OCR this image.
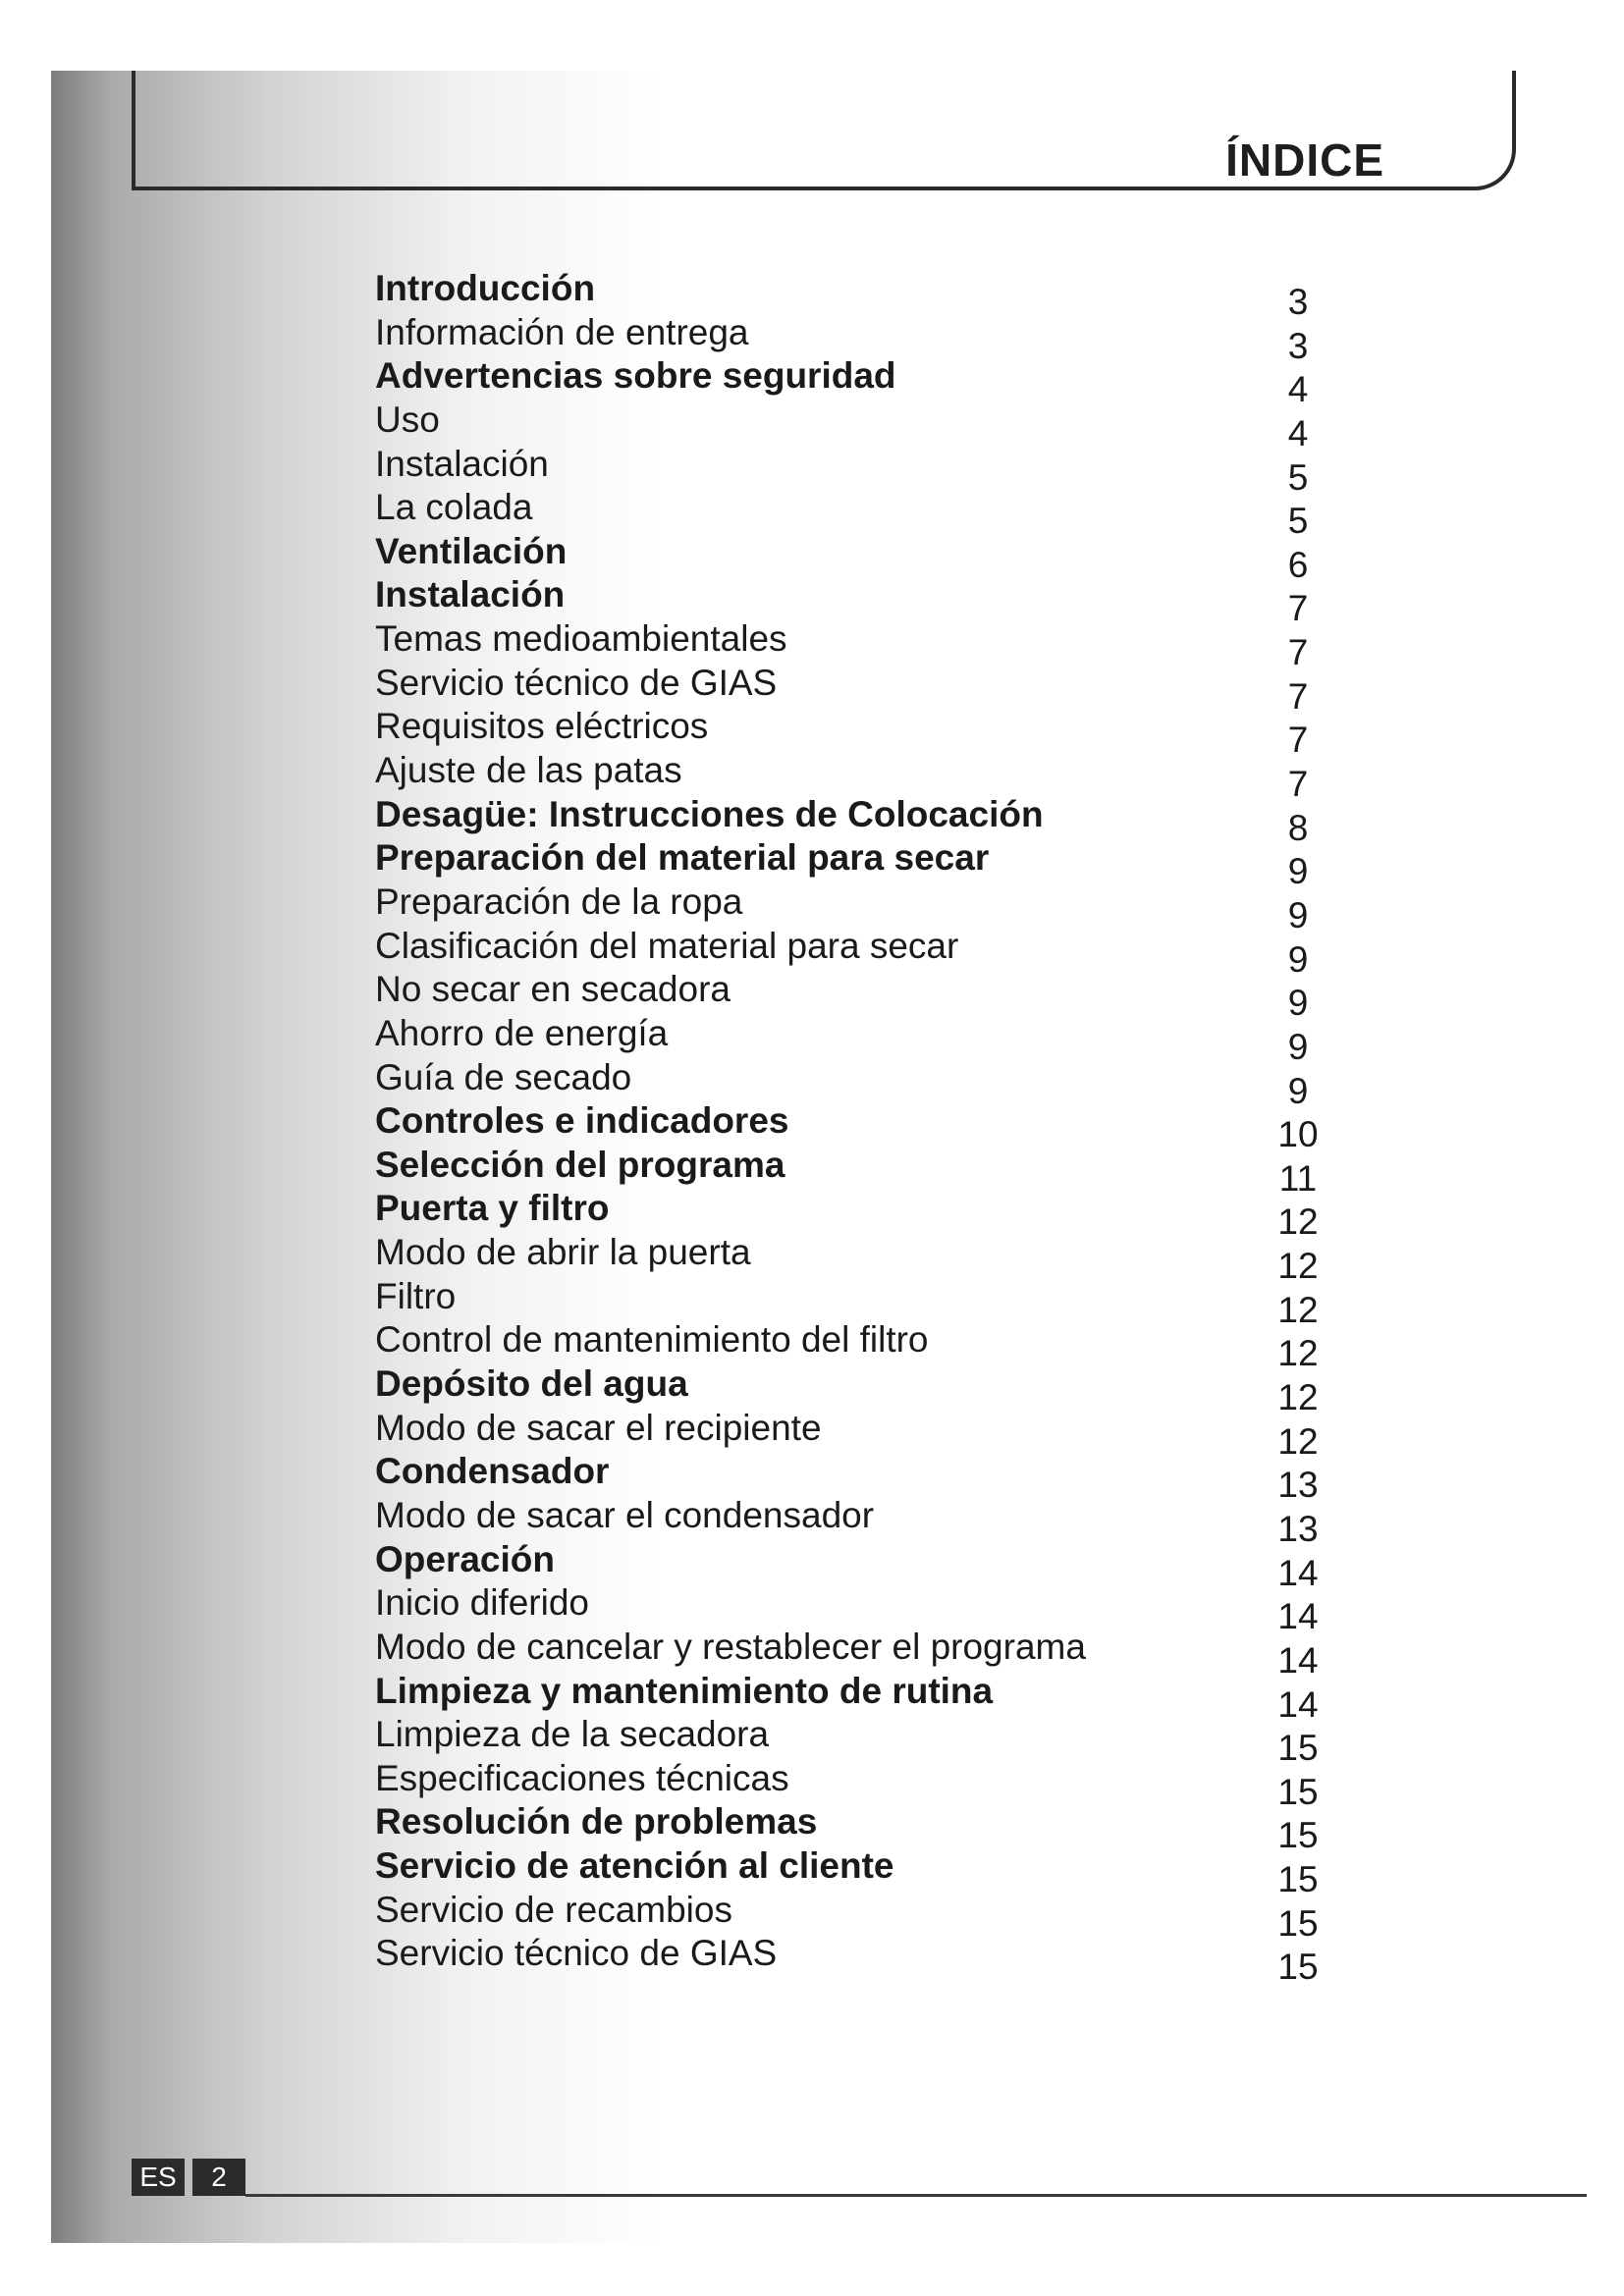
ÍNDICE
Introducción	3
Información de entrega	3
Advertencias sobre seguridad	4
Uso	4
Instalación	5
La colada	5
Ventilación	6
Instalación	7
Temas medioambientales	7
Servicio técnico de GIAS	7
Requisitos eléctricos	7
Ajuste de las patas	7
Desagüe: Instrucciones de Colocación	8
Preparación del material para secar	9
Preparación de la ropa	9
Clasificación del material para secar	9
No secar en secadora	9
Ahorro de energía	9
Guía de secado	9
Controles e indicadores	10
Selección del programa	11
Puerta y filtro	12
Modo de abrir la puerta	12
Filtro	12
Control de mantenimiento del filtro	12
Depósito del agua	12
Modo de sacar el recipiente	12
Condensador	13
Modo de sacar el condensador	13
Operación	14
Inicio diferido	14
Modo de cancelar y restablecer el programa	14
Limpieza y mantenimiento de rutina	14
Limpieza de la secadora	15
Especificaciones técnicas	15
Resolución de problemas	15
Servicio de atención al cliente	15
Servicio de recambios	15
Servicio técnico de GIAS	15
ES	2
